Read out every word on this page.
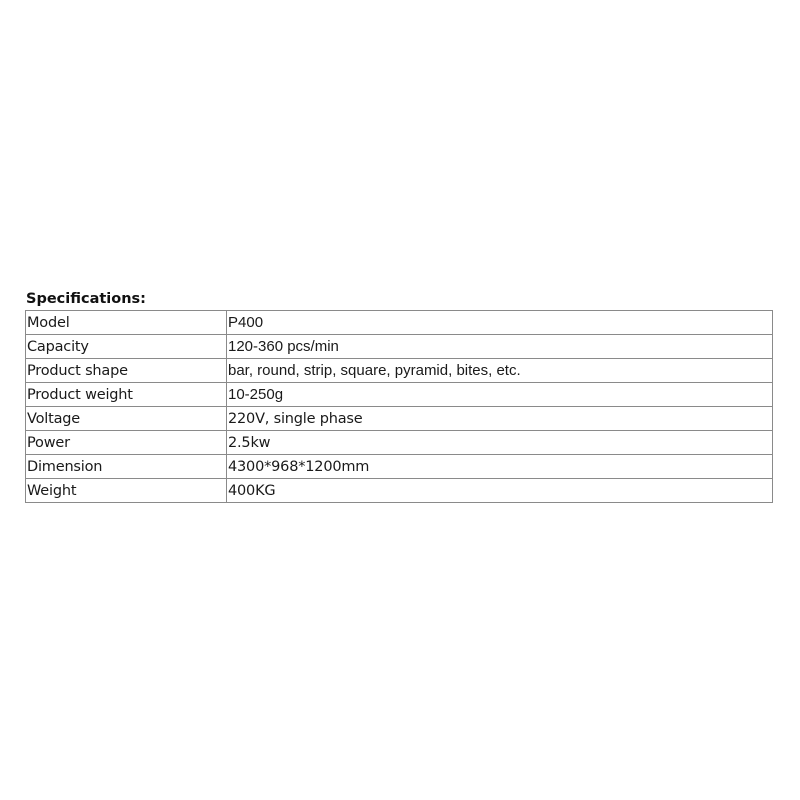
Specifications:
Model	P400
Capacity	120-360 pcs/min
Product shape	bar, round, strip, square, pyramid, bites, etc.
Product weight	10-250g
Voltage	220V, single phase
Power	2.5kw
Dimension	4300*968*1200mm
Weight	400KG
